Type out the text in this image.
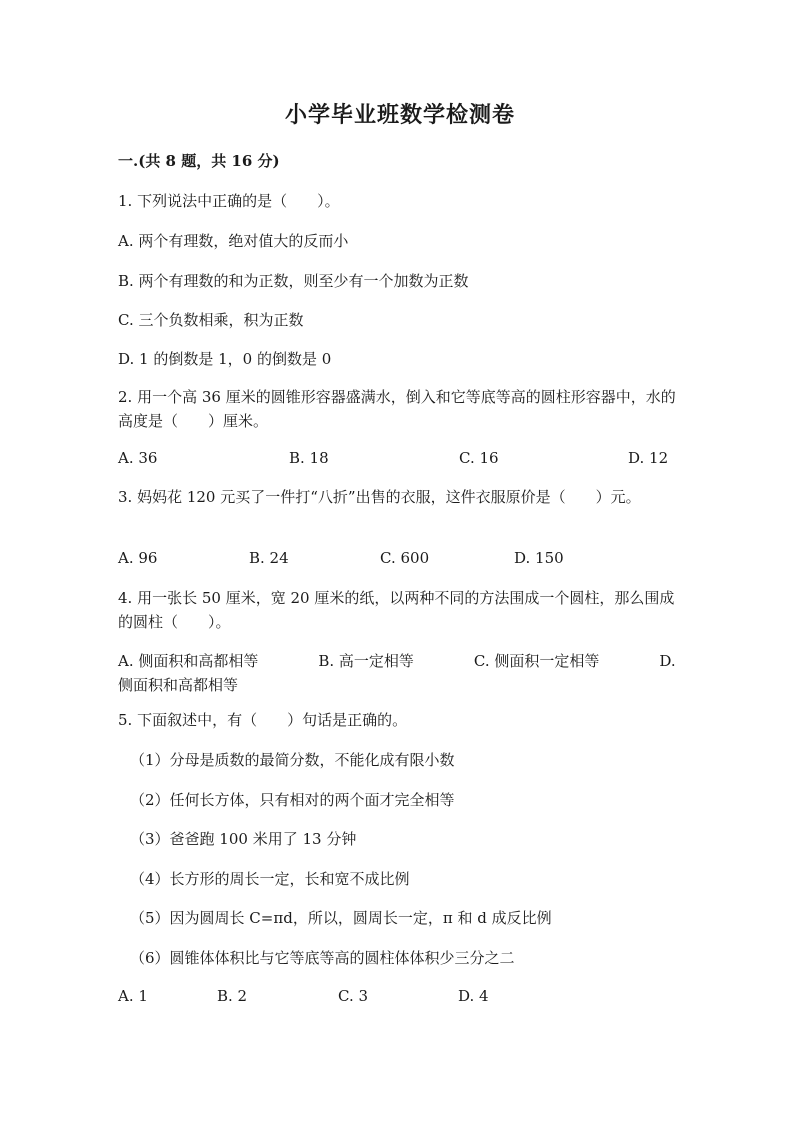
小学毕业班数学检测卷
一.(共 8 题，共 16 分)
1. 下列说法中正确的是（　　）。
A. 两个有理数，绝对值大的反而小
B. 两个有理数的和为正数，则至少有一个加数为正数
C. 三个负数相乘，积为正数
D. 1 的倒数是 1，0 的倒数是 0
2. 用一个高 36 厘米的圆锥形容器盛满水，倒入和它等底等高的圆柱形容器中，水的高度是（　　）厘米。
A. 36	B. 18	C. 16	D. 12
3. 妈妈花 120 元买了一件打“八折”出售的衣服，这件衣服原价是（　　）元。
A. 96	B. 24	C. 600	D. 150
4. 用一张长 50 厘米，宽 20 厘米的纸，以两种不同的方法围成一个圆柱，那么围成的圆柱（　　）。
A. 侧面积和高都相等　　　　B. 高一定相等　　　　C. 侧面积一定相等　　　　D. 侧面积和高都相等
5. 下面叙述中，有（　　）句话是正确的。
（1）分母是质数的最简分数，不能化成有限小数
（2）任何长方体，只有相对的两个面才完全相等
（3）爸爸跑 100 米用了 13 分钟
（4）长方形的周长一定，长和宽不成比例
（5）因为圆周长 C=πd，所以，圆周长一定，π 和 d 成反比例
（6）圆锥体体积比与它等底等高的圆柱体体积少三分之二
A. 1	B. 2	C. 3	D. 4
